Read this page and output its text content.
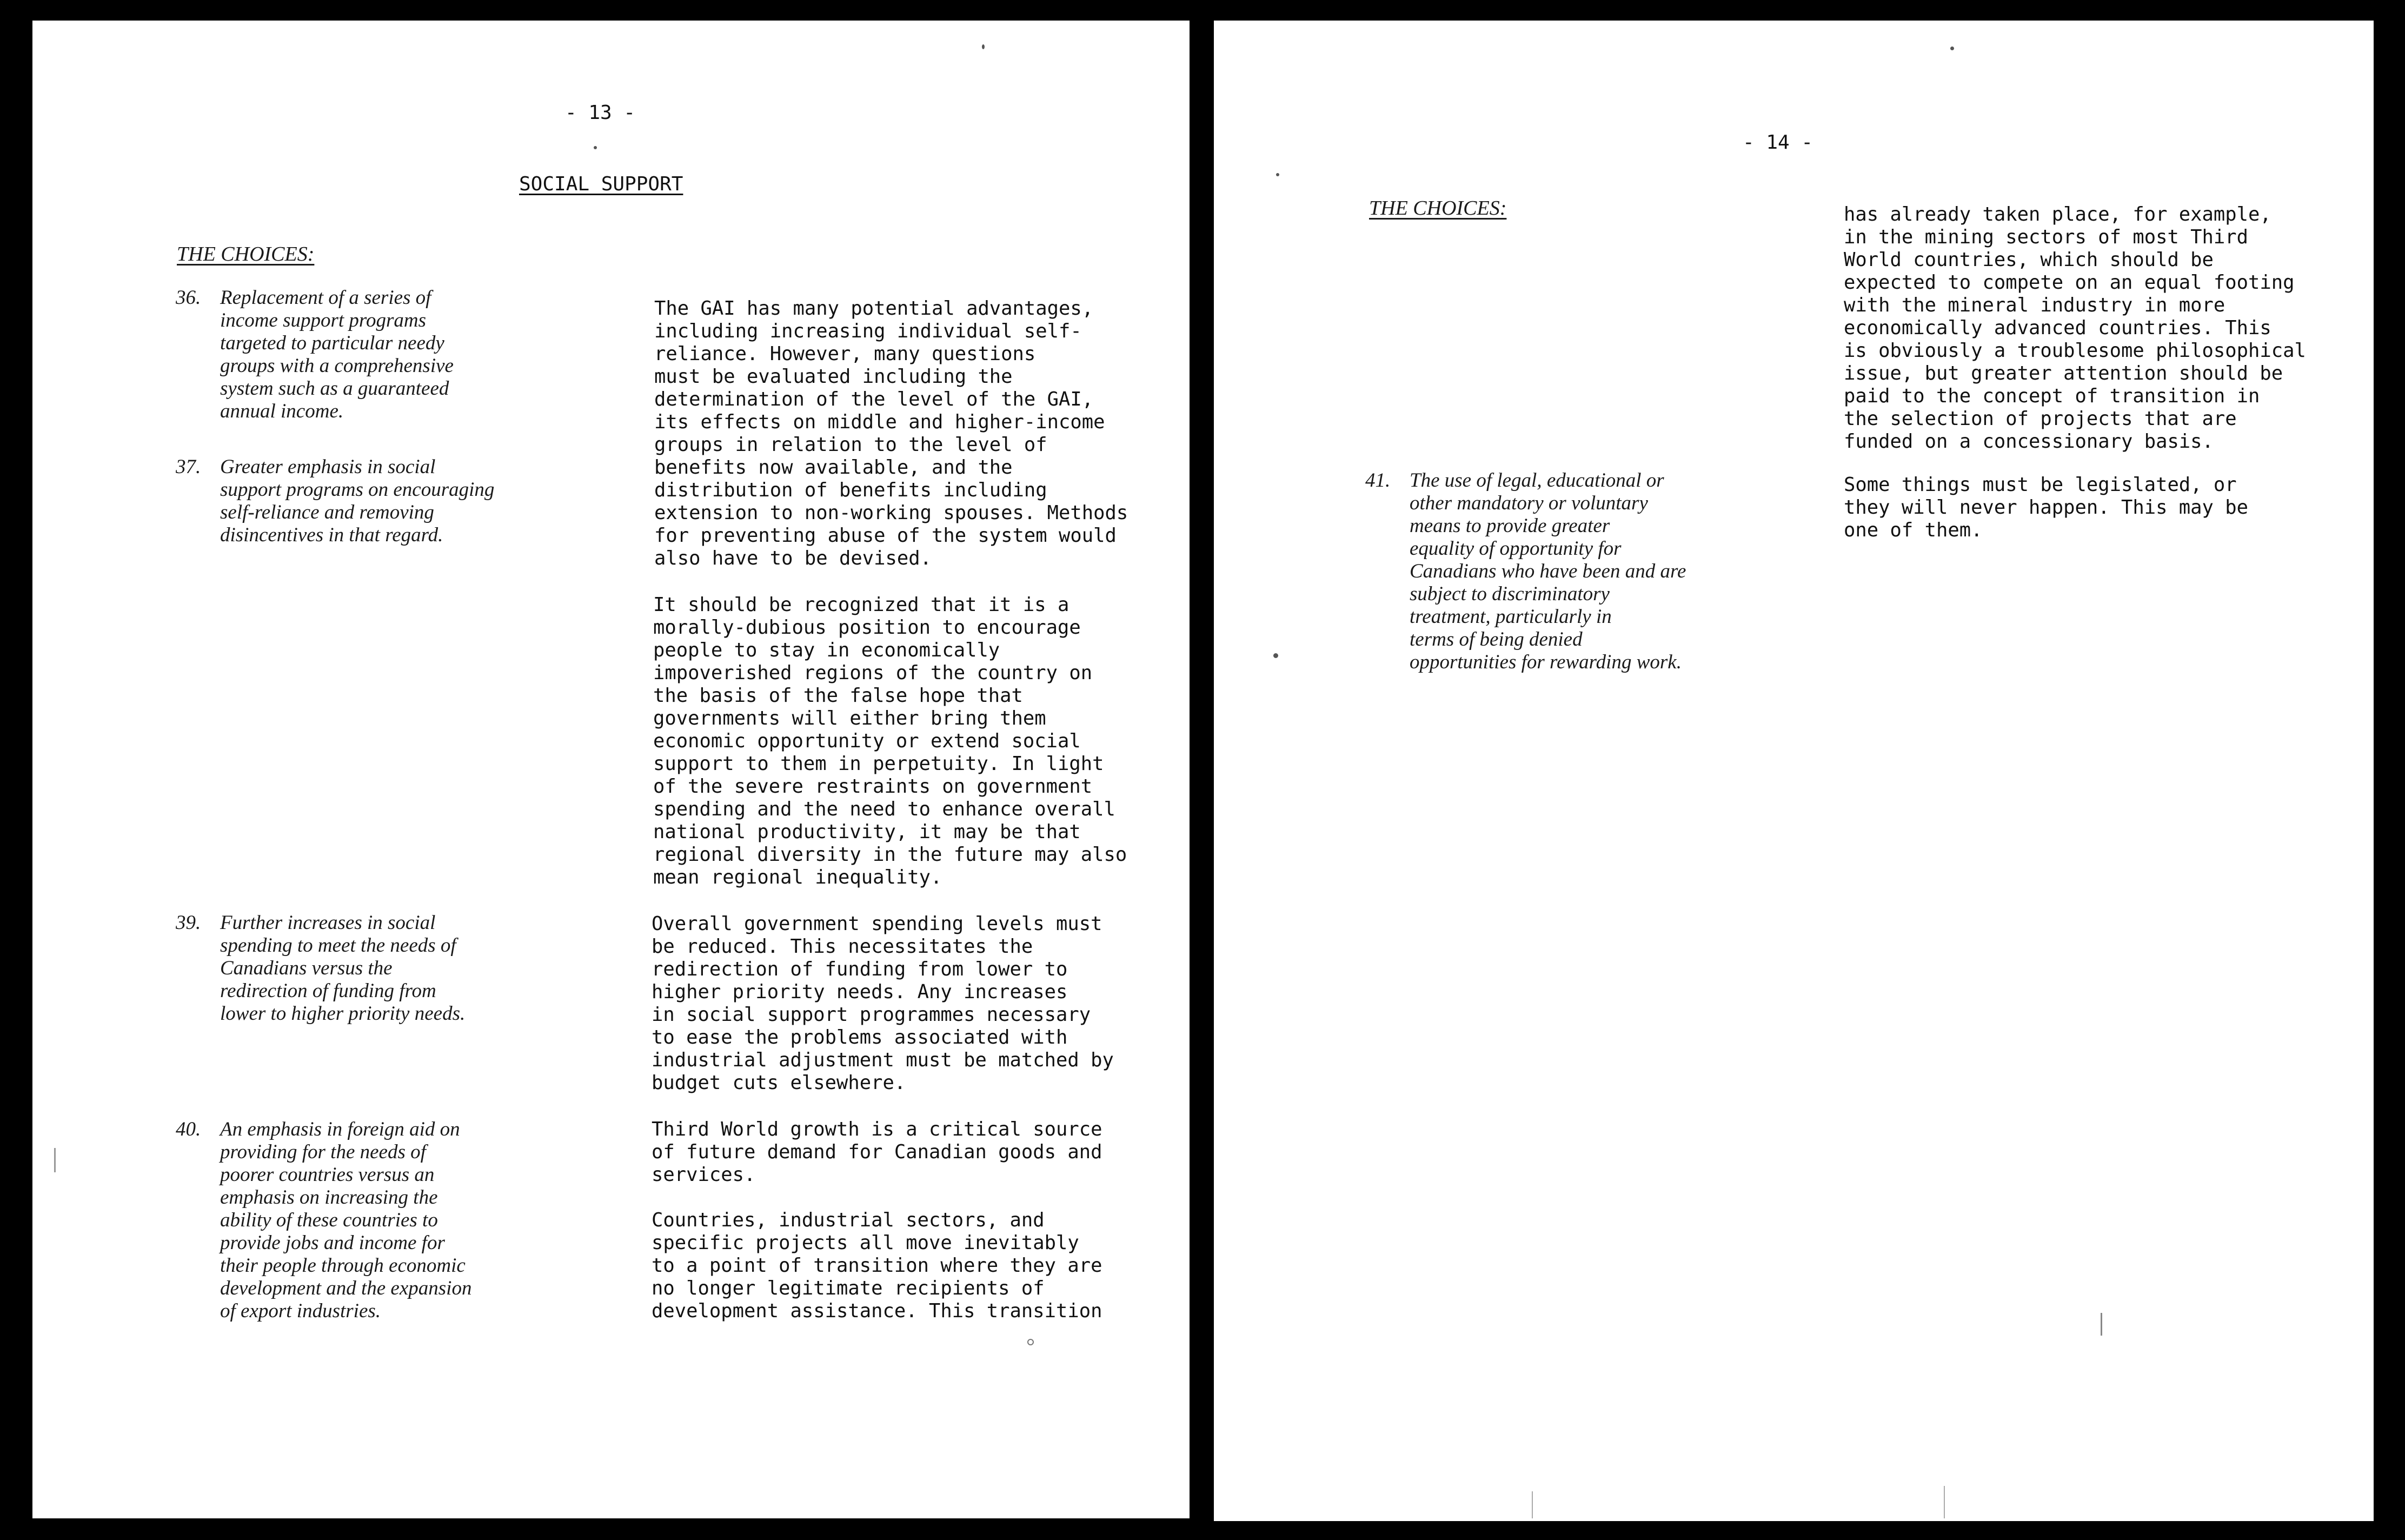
- 13 -
SOCIAL SUPPORT
THE CHOICES:
36. Replacement of a series of
income support programs
targeted to particular needy
groups with a comprehensive
system such as a guaranteed
annual income.
37. Greater emphasis in social
support programs on encouraging
self-reliance and removing
disincentives in that regard.
39. Further increases in social
spending to meet the needs of
Canadians versus the
redirection of funding from
lower to higher priority needs.
40. An emphasis in foreign aid on
providing for the needs of
poorer countries versus an
emphasis on increasing the
ability of these countries to
provide jobs and income for
their people through economic
development and the expansion
of export industries.
The GAI has many potential advantages,
including increasing individual self-
reliance. However, many questions
must be evaluated including the
determination of the level of the GAI,
its effects on middle and higher-income
groups in relation to the level of
benefits now available, and the
distribution of benefits including
extension to non-working spouses. Methods
for preventing abuse of the system would
also have to be devised.
It should be recognized that it is a
morally-dubious position to encourage
people to stay in economically
impoverished regions of the country on
the basis of the false hope that
governments will either bring them
economic opportunity or extend social
support to them in perpetuity. In light
of the severe restraints on government
spending and the need to enhance overall
national productivity, it may be that
regional diversity in the future may also
mean regional inequality.
Overall government spending levels must
be reduced. This necessitates the
redirection of funding from lower to
higher priority needs. Any increases
in social support programmes necessary
to ease the problems associated with
industrial adjustment must be matched by
budget cuts elsewhere.
Third World growth is a critical source
of future demand for Canadian goods and
services.
Countries, industrial sectors, and
specific projects all move inevitably
to a point of transition where they are
no longer legitimate recipients of
development assistance. This transition
- 14 -
THE CHOICES:
41. The use of legal, educational or
other mandatory or voluntary
means to provide greater
equality of opportunity for
Canadians who have been and are
subject to discriminatory
treatment, particularly in
terms of being denied
opportunities for rewarding work.
has already taken place, for example,
in the mining sectors of most Third
World countries, which should be
expected to compete on an equal footing
with the mineral industry in more
economically advanced countries. This
is obviously a troublesome philosophical
issue, but greater attention should be
paid to the concept of transition in
the selection of projects that are
funded on a concessionary basis.
Some things must be legislated, or
they will never happen. This may be
one of them.
